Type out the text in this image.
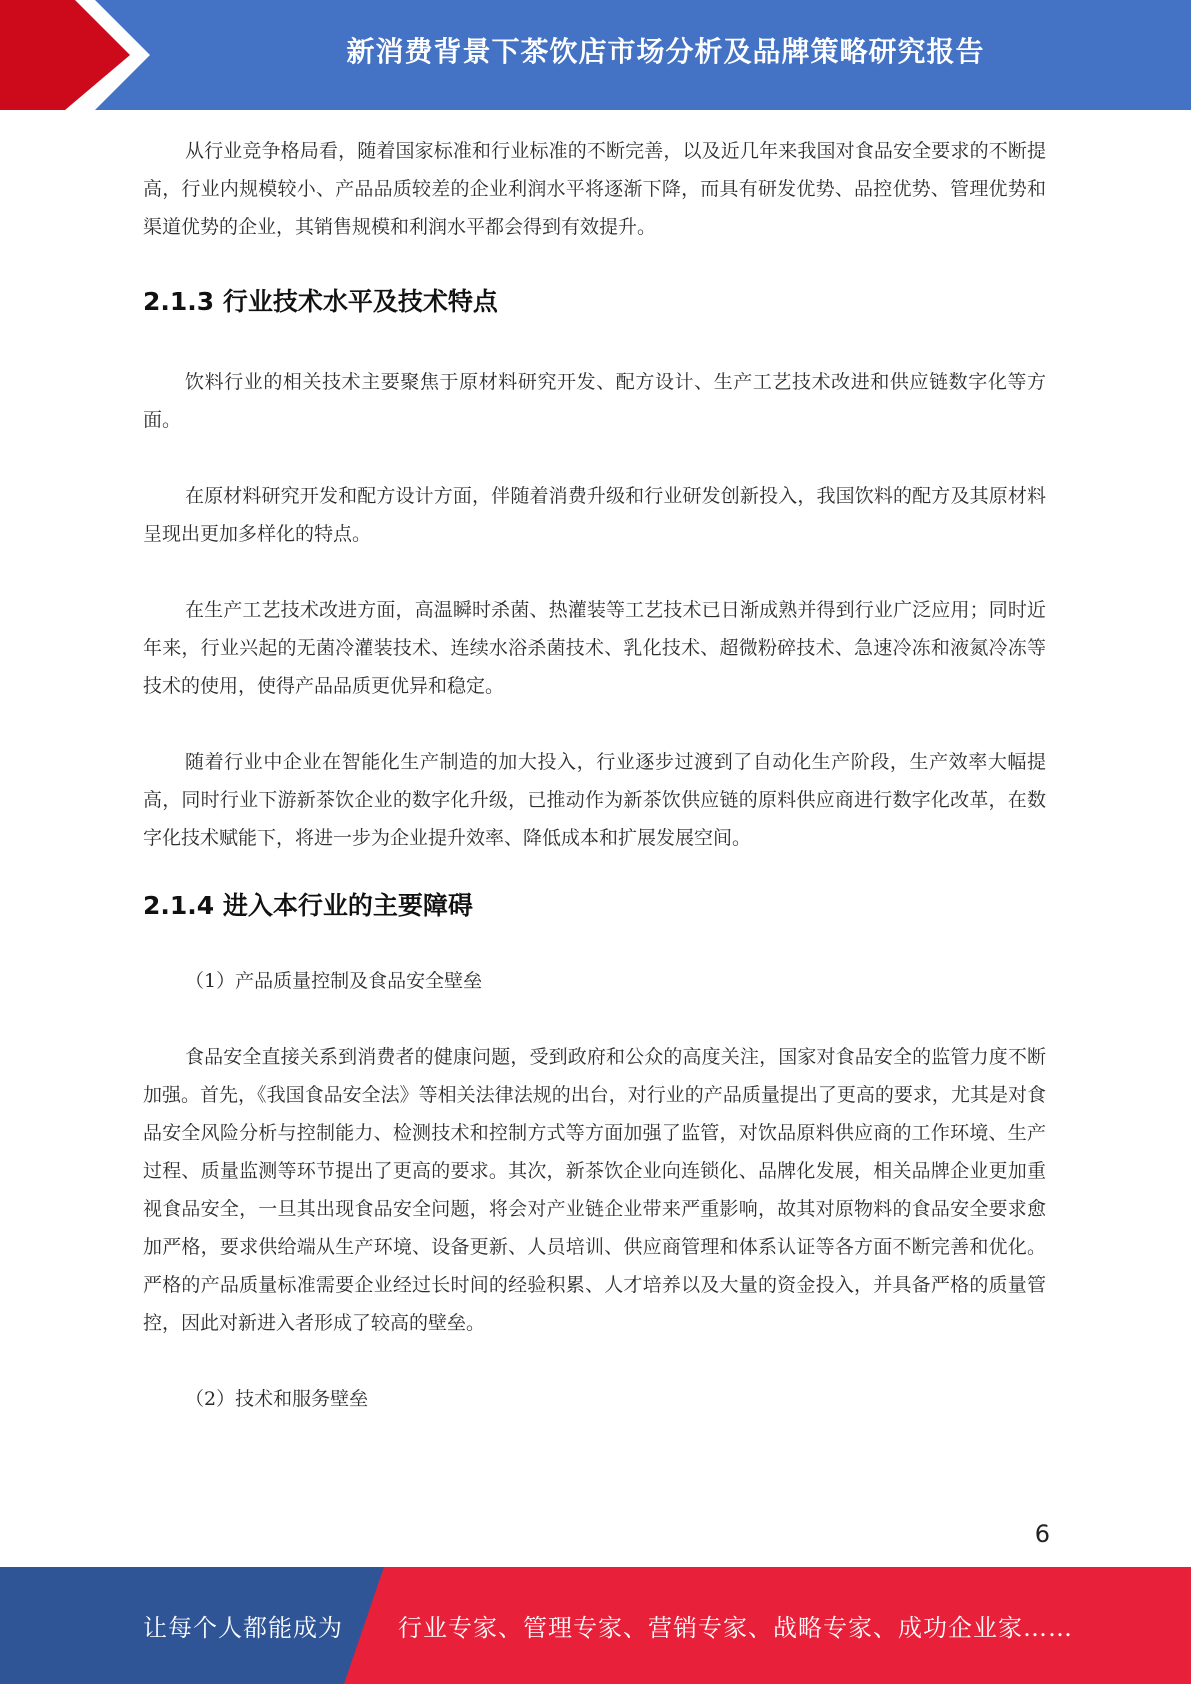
新消费背景下茶饮店市场分析及品牌策略研究报告

从行业竞争格局看，随着国家标准和行业标准的不断完善，以及近几年来我国对食品安全要求的不断提高，行业内规模较小、产品品质较差的企业利润水平将逐渐下降，而具有研发优势、品控优势、管理优势和渠道优势的企业，其销售规模和利润水平都会得到有效提升。

2.1.3 行业技术水平及技术特点

饮料行业的相关技术主要聚焦于原材料研究开发、配方设计、生产工艺技术改进和供应链数字化等方面。

在原材料研究开发和配方设计方面，伴随着消费升级和行业研发创新投入，我国饮料的配方及其原材料呈现出更加多样化的特点。

在生产工艺技术改进方面，高温瞬时杀菌、热灌装等工艺技术已日渐成熟并得到行业广泛应用；同时近年来，行业兴起的无菌冷灌装技术、连续水浴杀菌技术、乳化技术、超微粉碎技术、急速冷冻和液氮冷冻等技术的使用，使得产品品质更优异和稳定。

随着行业中企业在智能化生产制造的加大投入，行业逐步过渡到了自动化生产阶段，生产效率大幅提高，同时行业下游新茶饮企业的数字化升级，已推动作为新茶饮供应链的原料供应商进行数字化改革，在数字化技术赋能下，将进一步为企业提升效率、降低成本和扩展发展空间。

2.1.4 进入本行业的主要障碍

（1）产品质量控制及食品安全壁垒

食品安全直接关系到消费者的健康问题，受到政府和公众的高度关注，国家对食品安全的监管力度不断加强。首先，《我国食品安全法》等相关法律法规的出台，对行业的产品质量提出了更高的要求，尤其是对食品安全风险分析与控制能力、检测技术和控制方式等方面加强了监管，对饮品原料供应商的工作环境、生产过程、质量监测等环节提出了更高的要求。其次，新茶饮企业向连锁化、品牌化发展，相关品牌企业更加重视食品安全，一旦其出现食品安全问题，将会对产业链企业带来严重影响，故其对原物料的食品安全要求愈加严格，要求供给端从生产环境、设备更新、人员培训、供应商管理和体系认证等各方面不断完善和优化。严格的产品质量标准需要企业经过长时间的经验积累、人才培养以及大量的资金投入，并具备严格的质量管控，因此对新进入者形成了较高的壁垒。

（2）技术和服务壁垒

6
让每个人都能成为 行业专家、管理专家、营销专家、战略专家、成功企业家……
